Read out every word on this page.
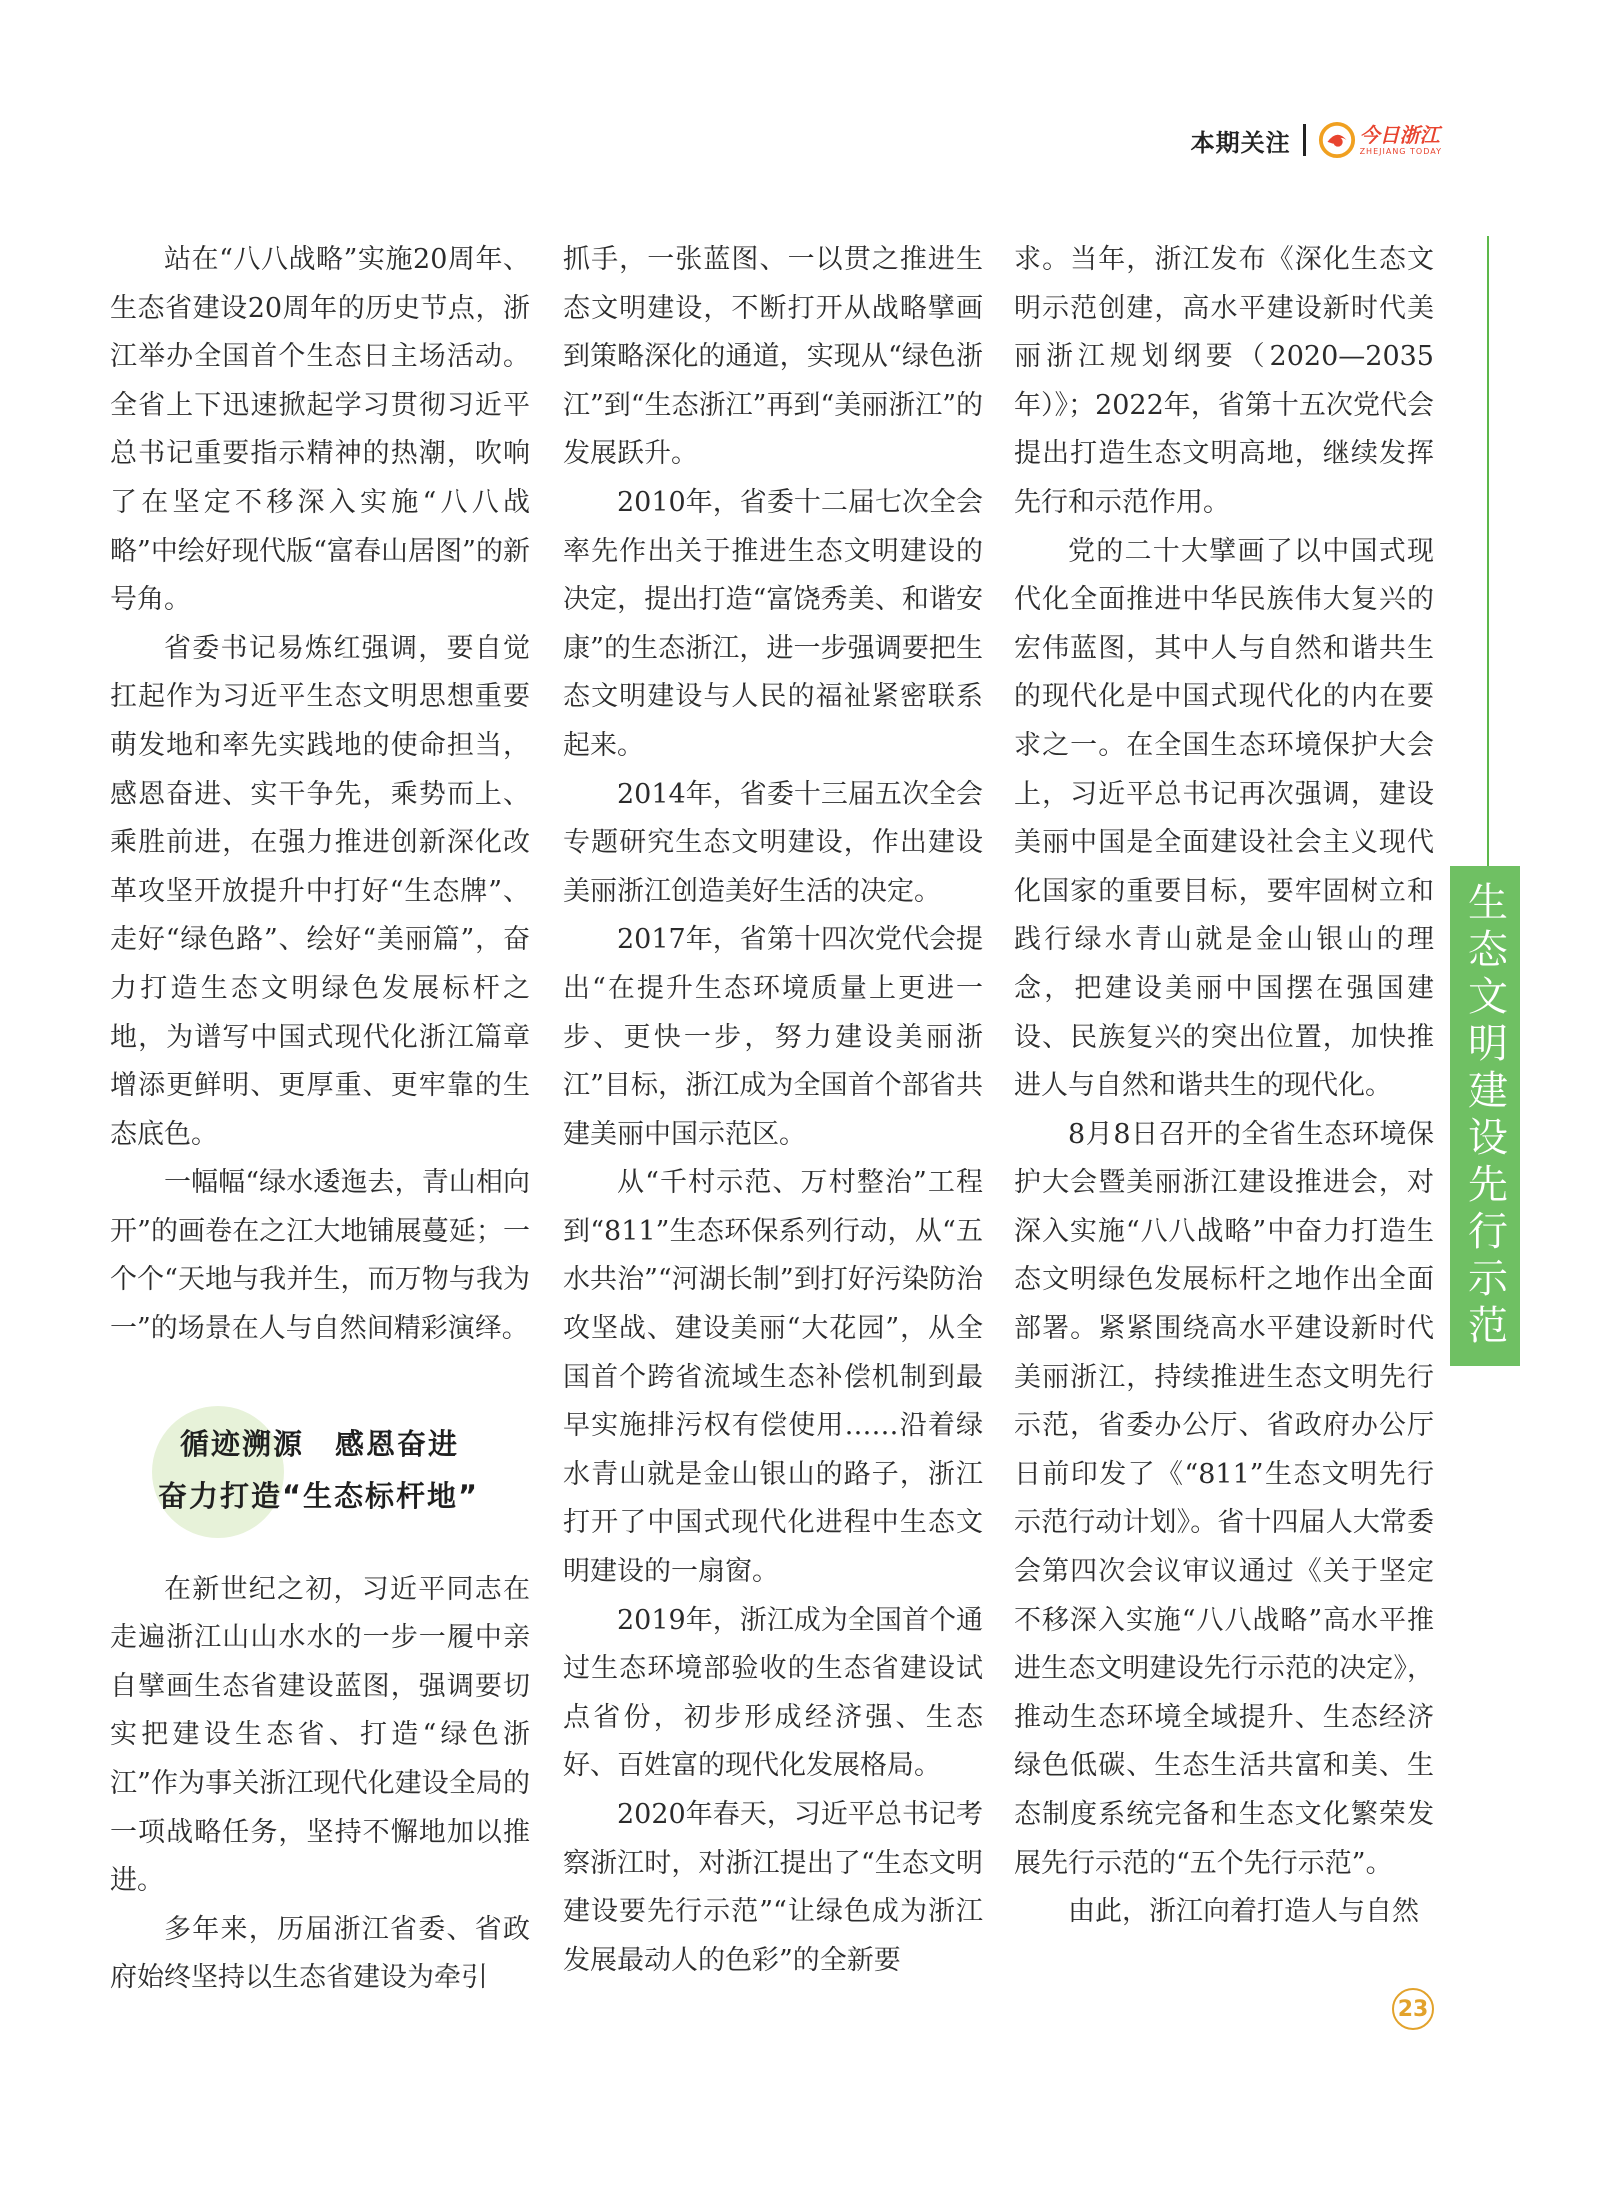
本期关注	今日浙江
ZHEJIANG TODAY

站在“八八战略”实施20周年、生态省建设20周年的历史节点，浙江举办全国首个生态日主场活动。全省上下迅速掀起学习贯彻习近平总书记重要指示精神的热潮，吹响了在坚定不移深入实施“八八战略”中绘好现代版“富春山居图”的新号角。

省委书记易炼红强调，要自觉扛起作为习近平生态文明思想重要萌发地和率先实践地的使命担当，感恩奋进、实干争先，乘势而上、乘胜前进，在强力推进创新深化改革攻坚开放提升中打好“生态牌”、走好“绿色路”、绘好“美丽篇”，奋力打造生态文明绿色发展标杆之地，为谱写中国式现代化浙江篇章增添更鲜明、更厚重、更牢靠的生态底色。

一幅幅“绿水逶迤去，青山相向开”的画卷在之江大地铺展蔓延；一个个“天地与我并生，而万物与我为一”的场景在人与自然间精彩演绎。

循迹溯源　感恩奋进
奋力打造“生态标杆地”

在新世纪之初，习近平同志在走遍浙江山山水水的一步一履中亲自擘画生态省建设蓝图，强调要切实把建设生态省、打造“绿色浙江”作为事关浙江现代化建设全局的一项战略任务，坚持不懈地加以推进。

多年来，历届浙江省委、省政府始终坚持以生态省建设为牵引

抓手，一张蓝图、一以贯之推进生态文明建设，不断打开从战略擘画到策略深化的通道，实现从“绿色浙江”到“生态浙江”再到“美丽浙江”的发展跃升。

2010年，省委十二届七次全会率先作出关于推进生态文明建设的决定，提出打造“富饶秀美、和谐安康”的生态浙江，进一步强调要把生态文明建设与人民的福祉紧密联系起来。

2014年，省委十三届五次全会专题研究生态文明建设，作出建设美丽浙江创造美好生活的决定。

2017年，省第十四次党代会提出“在提升生态环境质量上更进一步、更快一步，努力建设美丽浙江”目标，浙江成为全国首个部省共建美丽中国示范区。

从“千村示范、万村整治”工程到“811”生态环保系列行动，从“五水共治”“河湖长制”到打好污染防治攻坚战、建设美丽“大花园”，从全国首个跨省流域生态补偿机制到最早实施排污权有偿使用……沿着绿水青山就是金山银山的路子，浙江打开了中国式现代化进程中生态文明建设的一扇窗。

2019年，浙江成为全国首个通过生态环境部验收的生态省建设试点省份，初步形成经济强、生态好、百姓富的现代化发展格局。

2020年春天，习近平总书记考察浙江时，对浙江提出了“生态文明建设要先行示范”“让绿色成为浙江发展最动人的色彩”的全新要

求。当年，浙江发布《深化生态文明示范创建，高水平建设新时代美丽浙江规划纲要（2020—2035年）》；2022年，省第十五次党代会提出打造生态文明高地，继续发挥先行和示范作用。

党的二十大擘画了以中国式现代化全面推进中华民族伟大复兴的宏伟蓝图，其中人与自然和谐共生的现代化是中国式现代化的内在要求之一。在全国生态环境保护大会上，习近平总书记再次强调，建设美丽中国是全面建设社会主义现代化国家的重要目标，要牢固树立和践行绿水青山就是金山银山的理念，把建设美丽中国摆在强国建设、民族复兴的突出位置，加快推进人与自然和谐共生的现代化。

8月8日召开的全省生态环境保护大会暨美丽浙江建设推进会，对深入实施“八八战略”中奋力打造生态文明绿色发展标杆之地作出全面部署。紧紧围绕高水平建设新时代美丽浙江，持续推进生态文明先行示范，省委办公厅、省政府办公厅日前印发了《“811”生态文明先行示范行动计划》。省十四届人大常委会第四次会议审议通过《关于坚定不移深入实施“八八战略”高水平推进生态文明建设先行示范的决定》，推动生态环境全域提升、生态经济绿色低碳、生态生活共富和美、生态制度系统完备和生态文化繁荣发展先行示范的“五个先行示范”。

由此，浙江向着打造人与自然

生态文明建设先行示范
23
